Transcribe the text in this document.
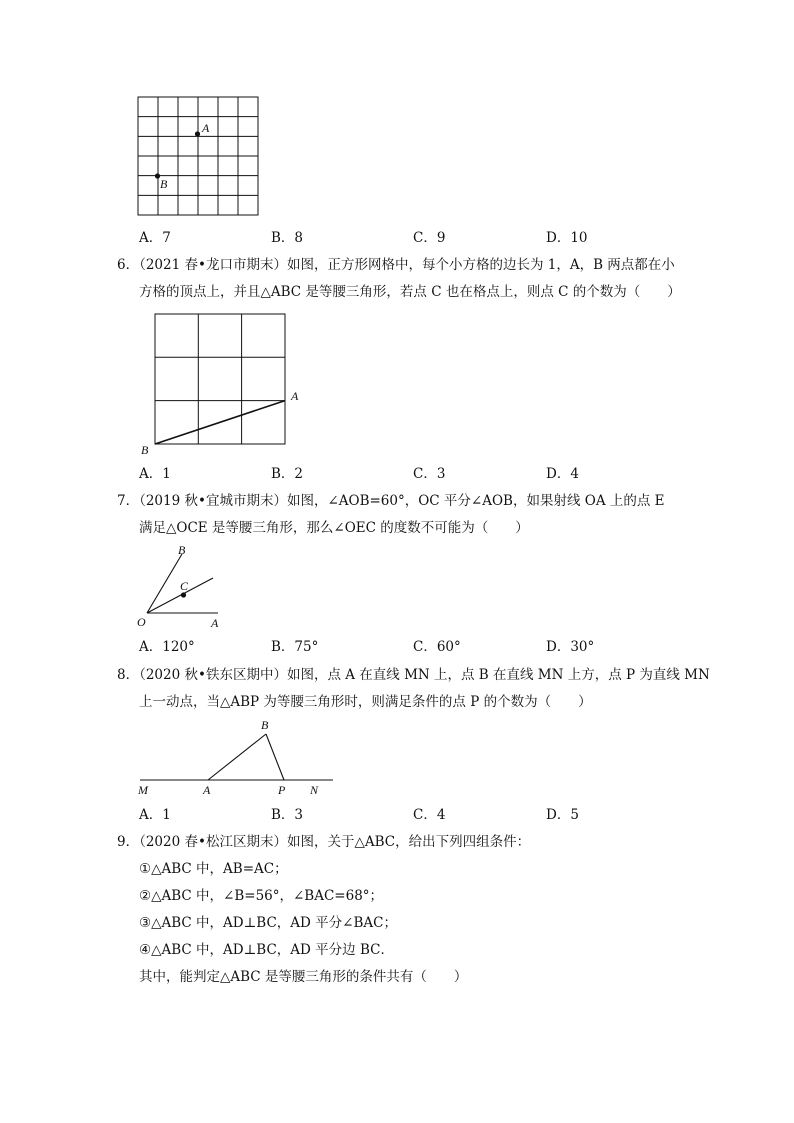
A
B
A．7	B．8	C．9	D．10
6．（2021 春•龙口市期末）如图，正方形网格中，每个小方格的边长为 1，A，B 两点都在小
方格的顶点上，并且△ABC 是等腰三角形，若点 C 也在格点上，则点 C 的个数为（　　）
A
B
A．1	B．2	C．3	D．4
7．（2019 秋•宜城市期末）如图，∠AOB=60°，OC 平分∠AOB，如果射线 OA 上的点 E
满足△OCE 是等腰三角形，那么∠OEC 的度数不可能为（　　）
B
C
O	A
A．120°	B．75°	C．60°	D．30°
8．（2020 秋•铁东区期中）如图，点 A 在直线 MN 上，点 B 在直线 MN 上方，点 P 为直线 MN
上一动点，当△ABP 为等腰三角形时，则满足条件的点 P 的个数为（　　）
B
M	A	P N
A．1	B．3	C．4	D．5
9．（2020 春•松江区期末）如图，关于△ABC，给出下列四组条件：
①△ABC 中，AB=AC；
②△ABC 中，∠B=56°，∠BAC=68°；
③△ABC 中，AD⊥BC，AD 平分∠BAC；
④△ABC 中，AD⊥BC，AD 平分边 BC．
其中，能判定△ABC 是等腰三角形的条件共有（　　）
